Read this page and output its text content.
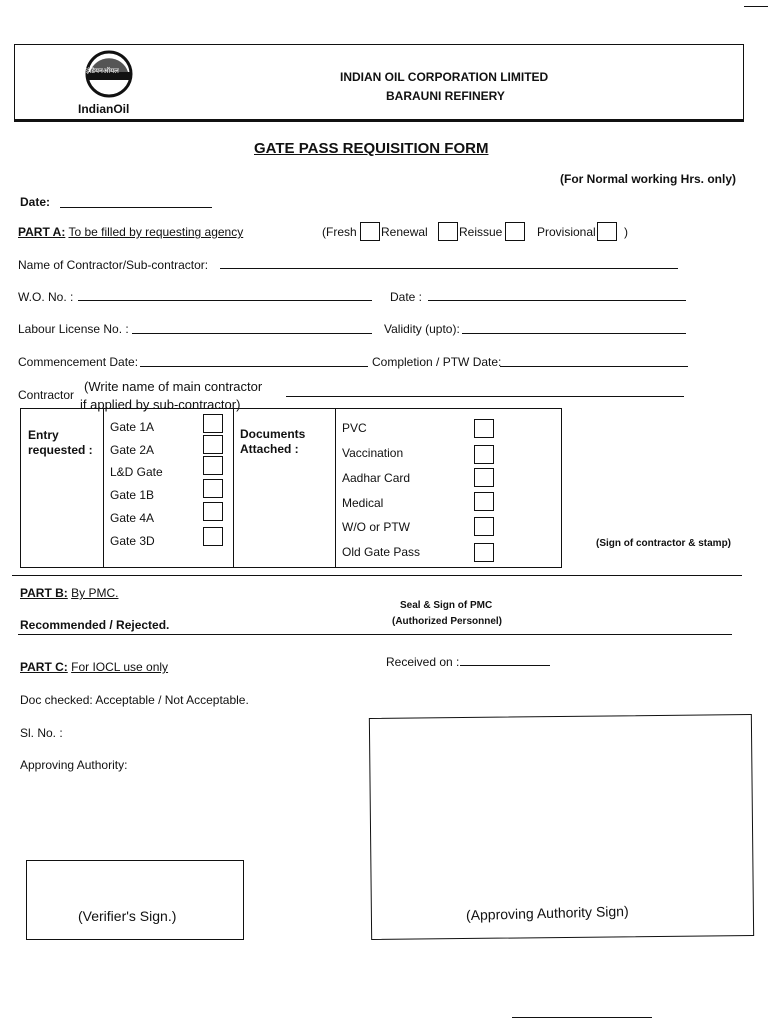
इंडियनऑयल
IndianOil
INDIAN OIL CORPORATION LIMITED
BARAUNI REFINERY
GATE PASS REQUISITION FORM
(For Normal working Hrs. only)
Date:
PART A: To be filled by requesting agency	(Fresh Renewal	Reissue	Provisional )
Name of Contractor/Sub-contractor:
W.O. No. :	Date :
Labour License No. :	Validity (upto):
Commencement Date:	Completion / PTW Date:
Contractor
(Write name of main contractor
if applied by sub-contractor)
Entry
requested :
Gate 1A
Gate 2A
L&D Gate
Gate 1B
Gate 4A
Gate 3D
Documents
Attached :
PVC
Vaccination
Aadhar Card
Medical
W/O or PTW
Old Gate Pass
(Sign of contractor & stamp)
PART B: By PMC.
Seal & Sign of PMC
(Authorized Personnel)
Recommended / Rejected.
PART C: For IOCL use only	Received on :
Doc checked: Acceptable / Not Acceptable.
Sl. No. :
Approving Authority:
(Approving Authority Sign)
(Verifier's Sign.)
